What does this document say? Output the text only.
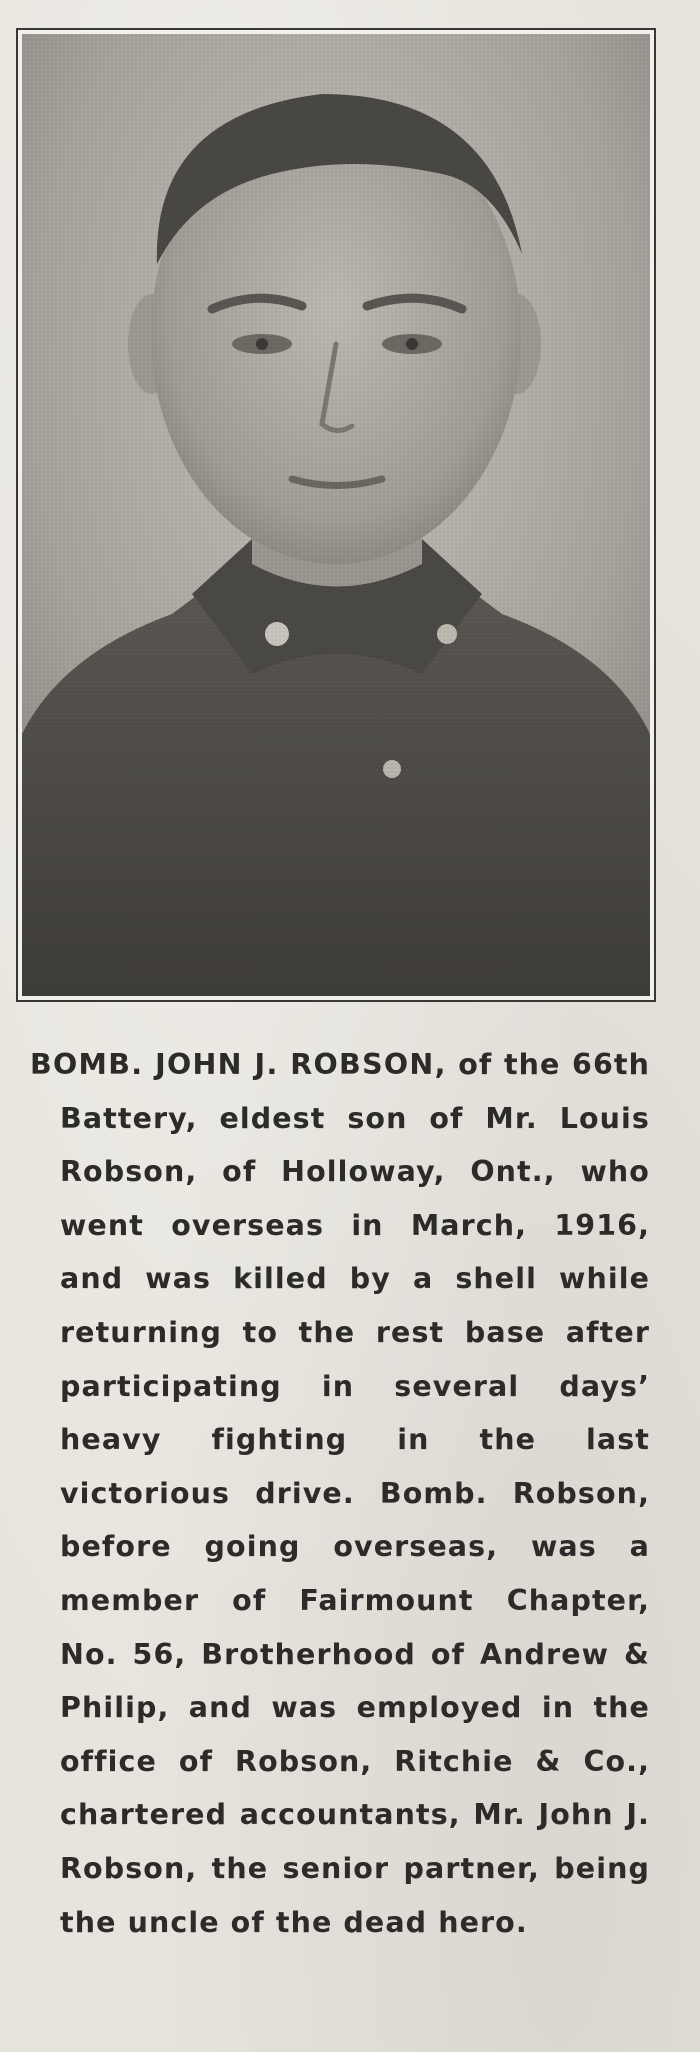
BOMB. JOHN J. ROBSON, of the 66th Battery, eldest son of Mr. Louis Robson, of Holloway, Ont., who went overseas in March, 1916, and was killed by a shell while returning to the rest base after participating in several days’ heavy fighting in the last victorious drive. Bomb. Robson, before going overseas, was a member of Fairmount Chapter, No. 56, Brotherhood of Andrew & Philip, and was employed in the office of Robson, Ritchie & Co., chartered accountants, Mr. John J. Robson, the senior partner, being the uncle of the dead hero.
